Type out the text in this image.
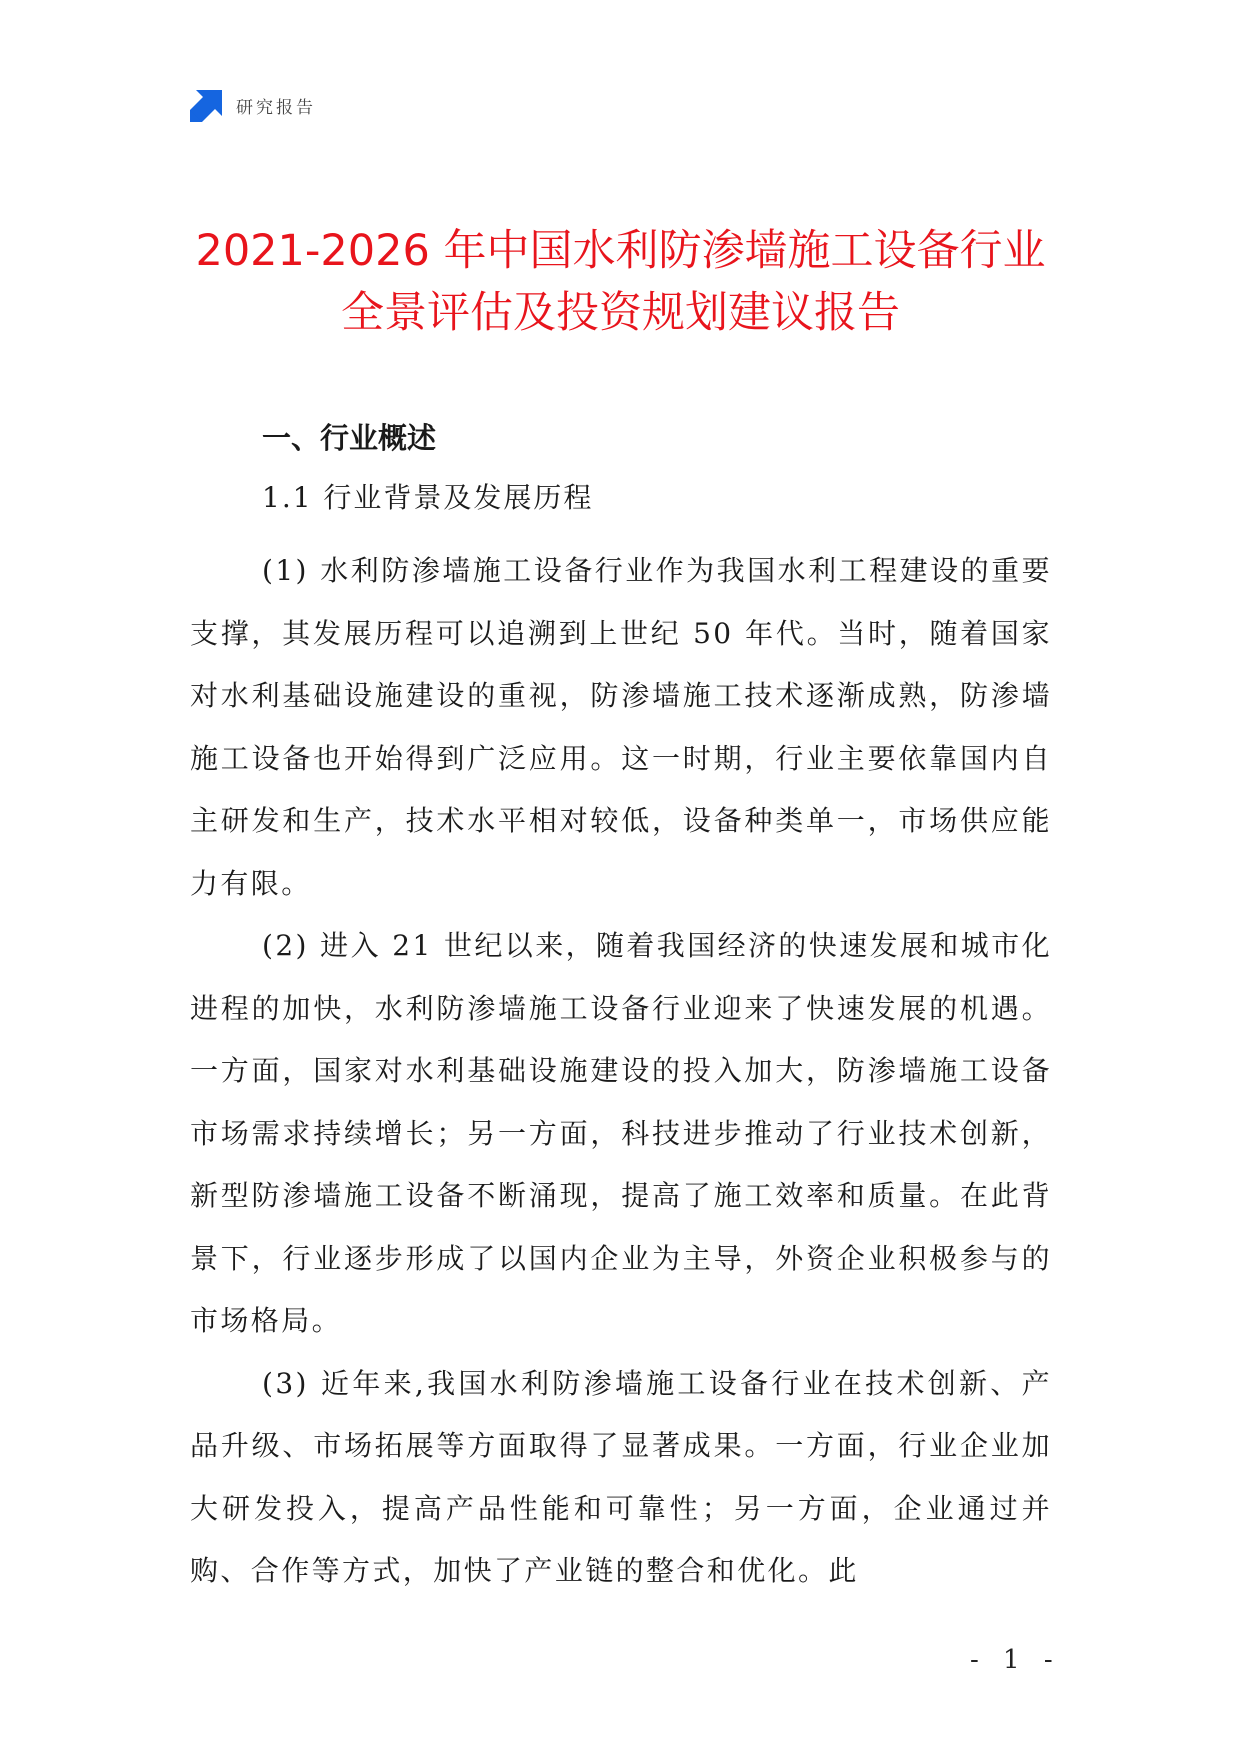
研究报告
2021-2026 年中国水利防渗墙施工设备行业
全景评估及投资规划建议报告
一、行业概述
1.1 行业背景及发展历程

(1) 水利防渗墙施工设备行业作为我国水利工程建设的重要支撑，其发展历程可以追溯到上世纪 50 年代。当时，随着国家对水利基础设施建设的重视，防渗墙施工技术逐渐成熟，防渗墙施工设备也开始得到广泛应用。这一时期，行业主要依靠国内自主研发和生产，技术水平相对较低，设备种类单一，市场供应能力有限。

(2) 进入 21 世纪以来，随着我国经济的快速发展和城市化进程的加快，水利防渗墙施工设备行业迎来了快速发展的机遇。一方面，国家对水利基础设施建设的投入加大，防渗墙施工设备市场需求持续增长；另一方面，科技进步推动了行业技术创新，新型防渗墙施工设备不断涌现，提高了施工效率和质量。在此背景下，行业逐步形成了以国内企业为主导，外资企业积极参与的市场格局。

(3) 近年来,我国水利防渗墙施工设备行业在技术创新、产品升级、市场拓展等方面取得了显著成果。一方面，行业企业加大研发投入，提高产品性能和可靠性；另一方面，企业通过并购、合作等方式，加快了产业链的整合和优化。此

- 1 -
